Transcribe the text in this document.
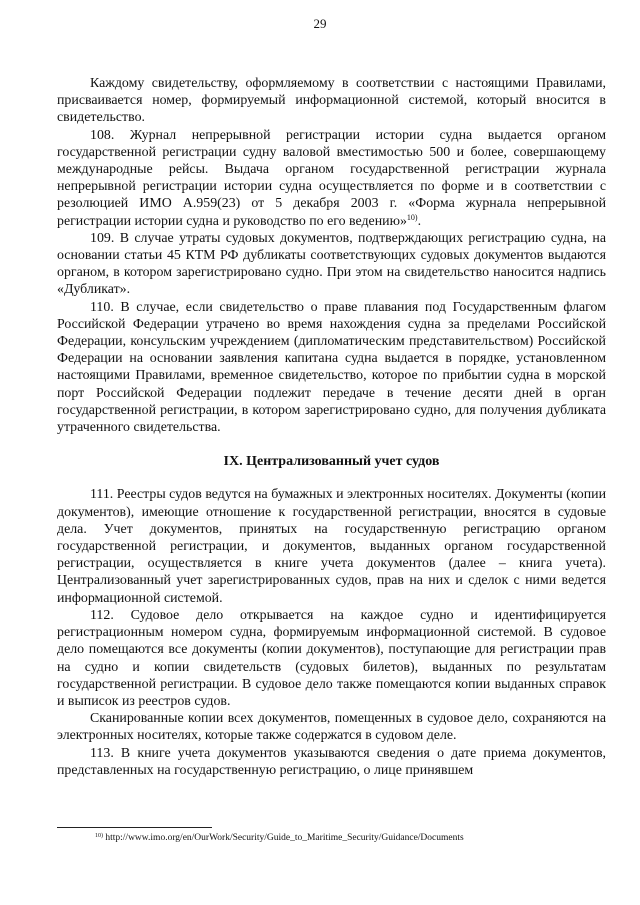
29

Каждому свидетельству, оформляемому в соответствии с настоящими Правилами, присваивается номер, формируемый информационной системой, который вносится в свидетельство.

108. Журнал непрерывной регистрации истории судна выдается органом государственной регистрации судну валовой вместимостью 500 и более, совершающему международные рейсы. Выдача органом государственной регистрации журнала непрерывной регистрации истории судна осуществляется по форме и в соответствии с резолюцией ИМО A.959(23) от 5 декабря 2003 г. «Форма журнала непрерывной регистрации истории судна и руководство по его ведению»$^{10)}$.

109. В случае утраты судовых документов, подтверждающих регистрацию судна, на основании статьи 45 КТМ РФ дубликаты соответствующих судовых документов выдаются органом, в котором зарегистрировано судно. При этом на свидетельство наносится надпись «Дубликат».

110. В случае, если свидетельство о праве плавания под Государственным флагом Российской Федерации утрачено во время нахождения судна за пределами Российской Федерации, консульским учреждением (дипломатическим представительством) Российской Федерации на основании заявления капитана судна выдается в порядке, установленном настоящими Правилами, временное свидетельство, которое по прибытии судна в морской порт Российской Федерации подлежит передаче в течение десяти дней в орган государственной регистрации, в котором зарегистрировано судно, для получения дубликата утраченного свидетельства.

IX. Централизованный учет судов

111. Реестры судов ведутся на бумажных и электронных носителях. Документы (копии документов), имеющие отношение к государственной регистрации, вносятся в судовые дела. Учет документов, принятых на государственную регистрацию органом государственной регистрации, и документов, выданных органом государственной регистрации, осуществляется в книге учета документов (далее – книга учета). Централизованный учет зарегистрированных судов, прав на них и сделок с ними ведется информационной системой.

112. Судовое дело открывается на каждое судно и идентифицируется регистрационным номером судна, формируемым информационной системой. В судовое дело помещаются все документы (копии документов), поступающие для регистрации прав на судно и копии свидетельств (судовых билетов), выданных по результатам государственной регистрации. В судовое дело также помещаются копии выданных справок и выписок из реестров судов.

Сканированные копии всех документов, помещенных в судовое дело, сохраняются на электронных носителях, которые также содержатся в судовом деле.

113. В книге учета документов указываются сведения о дате приема документов, представленных на государственную регистрацию, о лице принявшем

$^{10)}$ http://www.imo.org/en/OurWork/Security/Guide_to_Maritime_Security/Guidance/Documents
